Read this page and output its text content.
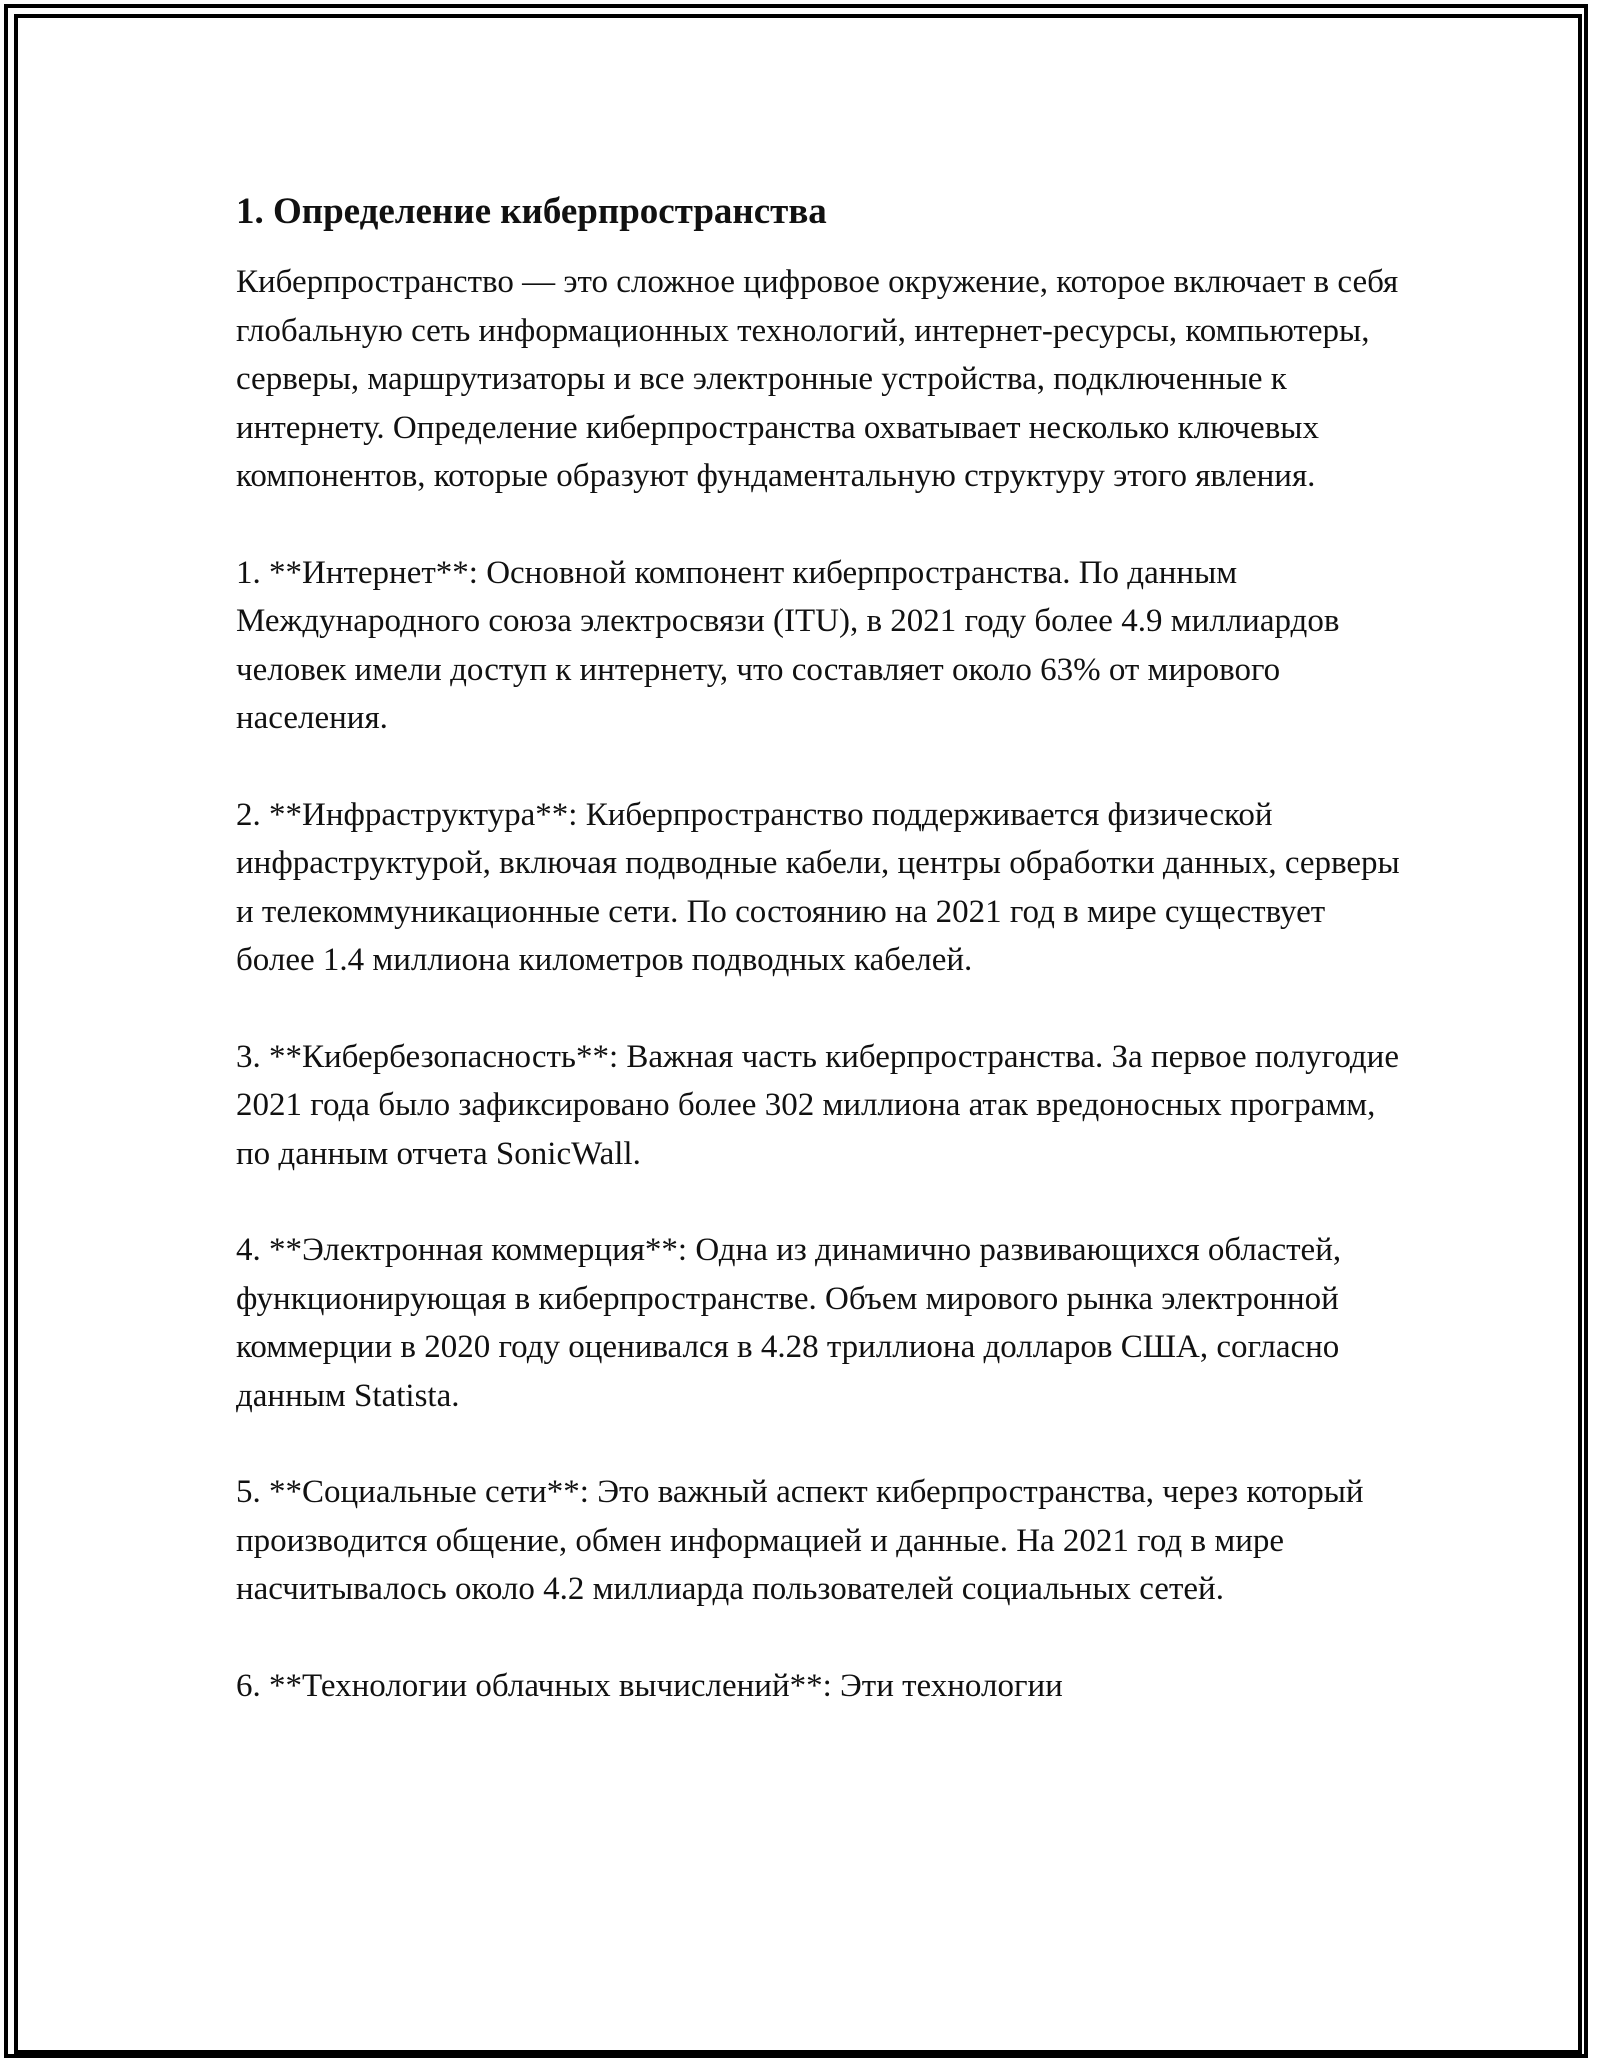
1. Определение киберпространства

Киберпространство — это сложное цифровое окружение, которое включает в себя глобальную сеть информационных технологий, интернет-ресурсы, компьютеры, серверы, маршрутизаторы и все электронные устройства, подключенные к интернету. Определение киберпространства охватывает несколько ключевых компонентов, которые образуют фундаментальную структуру этого явления.

1. **Интернет**: Основной компонент киберпространства. По данным Международного союза электросвязи (ITU), в 2021 году более 4.9 миллиардов человек имели доступ к интернету, что составляет около 63% от мирового населения.

2. **Инфраструктура**: Киберпространство поддерживается физической инфраструктурой, включая подводные кабели, центры обработки данных, серверы и телекоммуникационные сети. По состоянию на 2021 год в мире существует более 1.4 миллиона километров подводных кабелей.

3. **Кибербезопасность**: Важная часть киберпространства. За первое полугодие 2021 года было зафиксировано более 302 миллиона атак вредоносных программ, по данным отчета SonicWall.

4. **Электронная коммерция**: Одна из динамично развивающихся областей, функционирующая в киберпространстве. Объем мирового рынка электронной коммерции в 2020 году оценивался в 4.28 триллиона долларов США, согласно данным Statista.

5. **Социальные сети**: Это важный аспект киберпространства, через который производится общение, обмен информацией и данные. На 2021 год в мире насчитывалось около 4.2 миллиарда пользователей социальных сетей.

6. **Технологии облачных вычислений**: Эти технологии
